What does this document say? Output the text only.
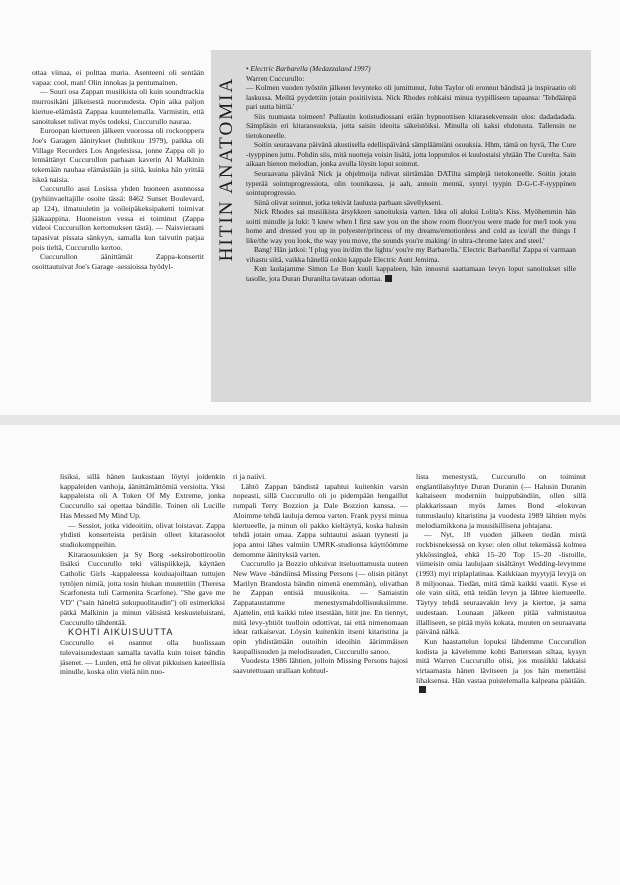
ottaa viinaa, ei polttaa maria. Asenteeni oli sentään vapaa: cool, man! Olin innokas ja pentumainen.

— Suuri osa Zappan musiikista oli kuin soundtrackia murrosikäni jälkeisestä nuoruudesta. Opin aika paljon kiertue-elämästä Zappaa kuuntelemalla. Varmistin, että sanoitukset tulivat myös todeksi, Cuccurullo nauraa.

Euroopan kiertueen jälkeen vuorossa oli rockooppera Joe's Garagen äänitykset (huhtikuu 1979), paikka oli Village Recorders Los Angelesissa, jonne Zappa oli jo lennättänyt Cuccurullon parhaan kaverin Al Malkinin tekemään nauhaa elämästään ja siitä, kuinka hän yrittää iskeä naisia.

Cuccurullo asui Losissa yhden huoneen asunnossa (pyhiinvaeltajille osoite tässä: 8462 Sunset Boulevard, ap 124), ilmatuuletin ja voileipäkeksipaketti toimivat jääkaappina. Huoneiston vessa ei toiminut (Zappa videoi Cuccurullon kertomuksen tästä). — Naisvieraani tapasivat pissata sänkyyn, samalla kun taivutin patjaa pois tieltä, Cuccurullo kertoo.

Cuccurullon äänittämät Zappa-konsertit osoittautuivat Joe's Garage -sessioissa hyödyl-

HITIN ANATOMIA

• Electric Barbarella (Medazzaland 1997)

Warren Cuccurullo:

— Kolmen vuoden työstön jälkeen levynteko oli jumittunut, John Taylor oli eronnut bändistä ja inspiraatio oli laskussa. Meiltä pyydettiin jotain positiivista. Nick Rhodes rohkaisi minua tyypilliseen tapaansa: 'Tehdäänpä pari uutta hittiä.'

Siis tuumasta toimeen! Pullautin kotistudiossani erään hypnoottisen kitarasekvenssin ulos: dadadadada. Sämpläsin eri kitaraosuuksia, jotta saisin ideoita säkeistöiksi. Minulla oli kaksi ehdotusta. Tallensin ne tietokoneelle.

Soitin seuraavana päivänä akustisella edellispäivänä sämpläämiäni osuuksia. Hhm, tämä on hyvä, The Cure -tyyppinen juttu. Pohdin siis, mitä nuotteja voisin lisätä, jotta lopputulos ei kuulostaisi yhtään The Curelta. Sain aikaan hienon melodian, jonka avulla löysin loput soinnut.

Seuraavana päivänä Nick ja ohjelmoija tulivat siirtämään DATilta sämplejä tietokoneelle. Soitin jotain typerää sointuprogressiota, olin toonikassa, ja aah, annoin mennä, syntyi tyypin D-G-C-F-tyyppinen sointuprogressio.

Siinä olivat soinnut, jotka tekivät laulusta parhaan sävellykseni.

Nick Rhodes sai musiikista ärsykkeen sanoituksia varten. Idea oli aluksi Lolita's Kiss. Myöhemmin hän soitti minulle ja luki: 'I knew when I first saw you on the show room floor/you were made for me/I took you home and dressed you up in polyester/princess of my dreams/emotionless and cold as ice/all the things I like/the way you look, the way you move, the sounds you're making/ in ultra-chrome latex and steel.'

Bang! Hän jatkoi: 'I plug you in/dim the lights/ you're my Barbarella.' Electric Barbarella! Zappa ei varmaan vihastu siitä, vaikka hänellä onkin kappale Electric Aunt Jemima.

Kun laulajamme Simon Le Bon kuuli kappaleen, hän innostui saattamaan levyn loput sanoitukset sille tasolle, jota Duran Duranilta tavataan odottaa.

lisiksi, sillä hänen laukustaan löytyi joidenkin kappaleiden vanhoja, äänittämättömiä versioita. Yksi kappaleista oli A Token Of My Extreme, jonka Cuccurullo sai opettaa bändille. Toinen oli Lucille Has Messed My Mind Up.

— Sessiot, jotka videoitiin, olivat loistavat. Zappa yhdisti konserteista peräisin olleet kitarasoolot studiokomppeihin.

Kitaraosuuksien ja Sy Borg -seksirobottiroolin lisäksi Cuccurullo teki välispiikkejä, käyttäen Catholic Girls -kappaleessa kouluajoiltaan tuttujen tyttöjen nimiä, jotta tosin hiukan muutettiin (Theresa Scarfonesta tuli Carmenita Scarfone). "She gave me VD" ("sain häneltä sukupuolitaudin") oli esimerkiksi pätkä Malkinin ja minun välisistä keskusteluistani, Cuccurullo tähdentää.

KOHTI AIKUISUUTTA

Cuccurullo ei osannut olla huolissaan tulevaisuudestaan samalla tavalla kuin toiset bändin jäsenet. — Luulen, että he olivat pikkuisen kateellisia minulle, koska olin vielä niin nuo-

ri ja naiivi.

Lähtö Zappan bändistä tapahtui kuitenkin varsin nopeasti, sillä Cuccurullo oli jo pidempään hengaillut rumpali Terry Bozzion ja Dale Bozzion kanssa. — Aloimme tehdä lauluja demoa varten. Frank pyysi minua kiertueelle, ja minun oli pakko kieltäytyä, koska halusin tehdä jotain omaa. Zappa suhtautui asiaan tyynesti ja jopa antoi lähes valmiin UMRK-studionsa käyttöömme demomme äänityksiä varten.

Cuccurullo ja Bozzio uhkuivat itseluottamusta uuteen New Wave -bändiinsä Missing Persons (— olisin pitänyt Marilyn Brandosta bändin nimenä enemmän), olivathan he Zappan entisiä muusikoita. — Samaistin Zappataustamme menestysmahdollisuuksiimme. Ajattelin, että kaikki tulee itsestään, hitit jne. En tiennyt, mitä levy-yhtiöt tuolloin odottivat, tai että nimenomaan ideat ratkaisevat. Löysin kuitenkin itseni kitaristina ja opin yhdistämään outoihin ideoihin äärimmäisen kaupallisuuden ja melodisuuden, Cuccurullo sanoo.

Vuodesta 1986 lähtien, jolloin Missing Persons hajosi saavutettuaan urallaan kohtuul-

lista menestystä, Cuccurullo on toiminut englantilaisyhtye Duran Duranin (— Halusin Duranin kaltaiseen moderniin huippubändiin, ollen sillä plakkarissaan myös James Bond -elokuvan tunnuslaulu) kitaristina ja vuodesta 1989 lähtien myös melodiamikkona ja muusikillisena johtajana.

— Nyt, 18 vuoden jälkeen tiedän mistä rockbisneksessä on kyse: olen ollut tekemässä kolmea ykkössingleä, ehkä 15–20 Top 15–20 -listoille, viimeisin omia laulujaan sisältänyt Wedding-levymme (1993) myi triplaplatinaa. Kaikkiaan myytyjä levyjä on 8 miljoonaa. Tiedän, mitä tämä kaikki vaatii. Kyse ei ole vain siitä, että teidän levyn ja lähtee kiertueelle. Täytyy tehdä seuraavakin levy ja kiertue, ja sama uudestaan. Lounaan jälkeen pitää valmistautua illalliseen, se pitää myös kokata, muuten on seuraavana päivänä nälkä.

Kun haastattelun lopuksi lähdemme Cuccurullon kodista ja kävelemme kohti Battersean siltaa, kysyn mitä Warren Cuccurullo olisi, jos musiikki lakkaisi virtaamasta hänen lävitseen ja jos hän menettäisi lihaksensa. Hän vastaa puistelemalla kalpeana päätään.
